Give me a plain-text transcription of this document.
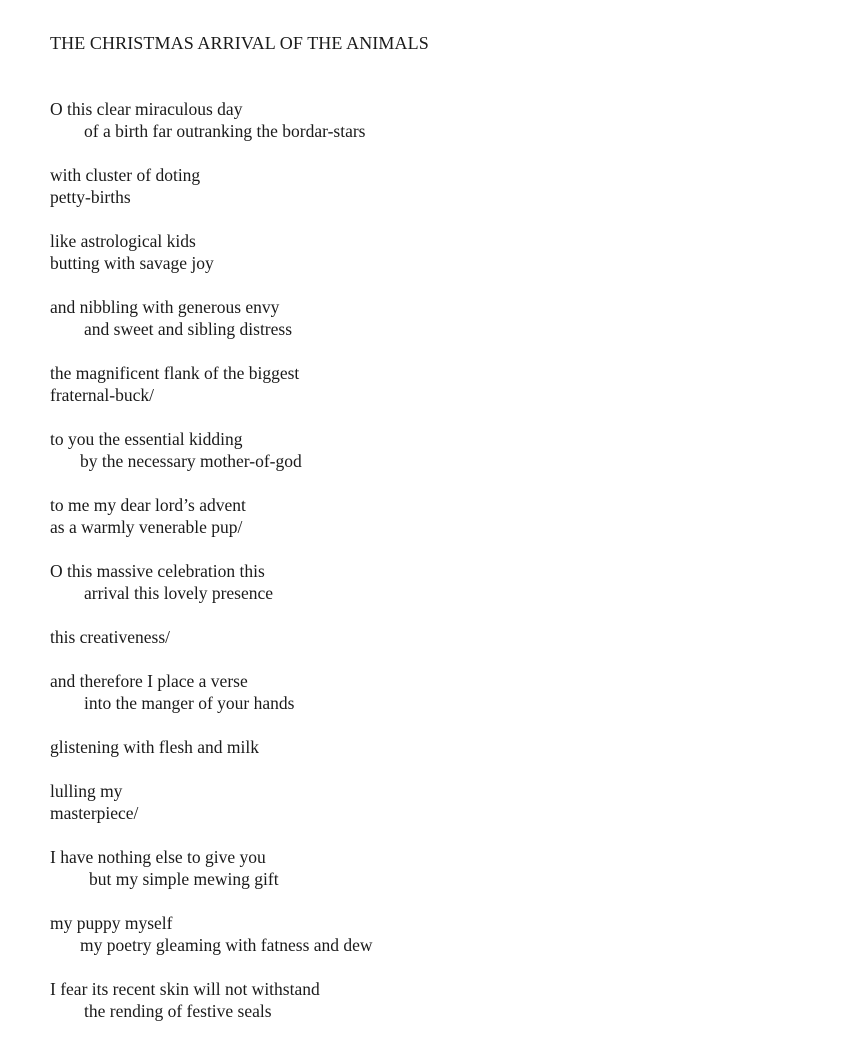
THE CHRISTMAS ARRIVAL OF THE ANIMALS

O this clear miraculous day

of a birth far outranking the bordar-stars

with cluster of doting

petty-births

like astrological kids

butting with savage joy

and nibbling with generous envy

and sweet and sibling distress

the magnificent flank of the biggest

fraternal-buck/

to you the essential kidding

by the necessary mother-of-god

to me my dear lord’s advent

as a warmly venerable pup/

O this massive celebration this

arrival this lovely presence

this creativeness/

and therefore I place a verse

into the manger of your hands

glistening with flesh and milk

lulling my

masterpiece/

I have nothing else to give you

but my simple mewing gift

my puppy myself

my poetry gleaming with fatness and dew

I fear its recent skin will not withstand

the rending of festive seals
